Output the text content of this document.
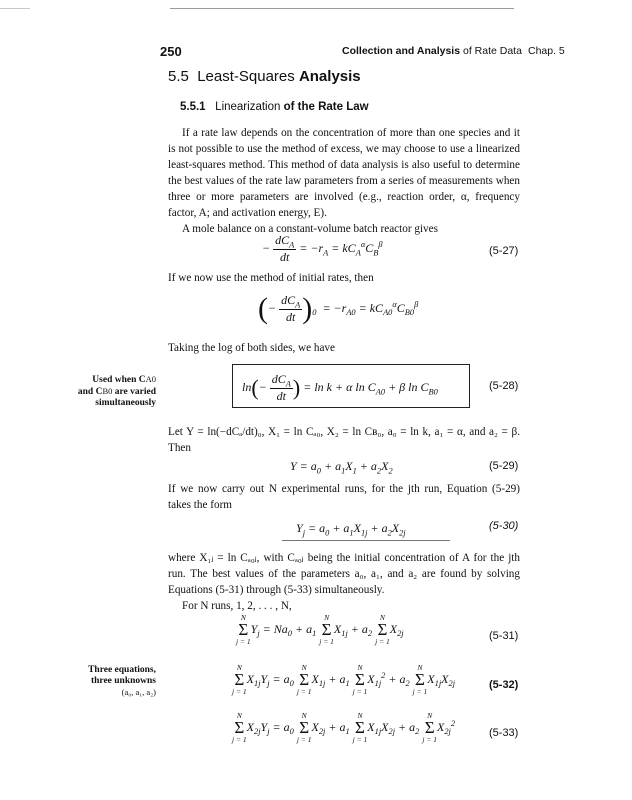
250	Collection and Analysis of Rate Data Chap. 5
5.5 Least-Squares Analysis
5.5.1 Linearization of the Rate Law

If a rate law depends on the concentration of more than one species and it is not possible to use the method of excess, we may choose to use a linearized least-squares method. This method of data analysis is also useful to determine the best values of the rate law parameters from a series of measurements when three or more parameters are involved (e.g., reaction order, α, frequency factor, A; and activation energy, E).

A mole balance on a constant-volume batch reactor gives

− $\frac{dC_A}{dt} = -r_A = kC_A^\alpha C_B^\beta$
(5-27)
If we now use the method of initial rates, then
(− $\frac{dC_A}{dt} )_0 = -r_{A0} = kC_{A0}^\alpha C_{B0}^\beta$
Taking the log of both sides, we have
Used when CA0
and CB0 are varied
simultaneously
$\ln(- \frac{dC_A}{dt}$ ) = ln k + α $\ln C_{A0} + \beta$ $\ln C_{B0}$	(5-28)
Let Y = ln(−dCₐ/dt)₀, X₁ = ln Cₐ₀, X₂ = ln Cʙ₀, a₀ = ln k, a₁ = α, and a₂ = β. Then
$Y = a_0 + a_1X_1 + a_2X_2$	(5-29)
If we now carry out N experimental runs, for the jth run, Equation (5-29) takes the form
$Y_j = a_0 + a_1X_{1j} + a_2X_{2j}$
(5-30)
where X₁ⱼ = ln Cₐ₀ⱼ, with Cₐ₀ⱼ being the initial concentration of A for the jth run. The best values of the parameters a₀, a₁, and a₂ are found by solving Equations (5-31) through (5-33) simultaneously.
For N runs, 1, 2, . . . , N,
N
Σ
j = 1
$Y_j = Na_0 + a_1$
N
Σ
j = 1
$X_{1j} + a_2$
N
Σ
j = 1
$X_{2j}$	(5-31)
Three equations,
three unknowns
(a₀, a₁, a₂)
N
Σ
j = 1
$X_{1j}Y_j = a_0$
N
Σ
j = 1
$X_{1j} + a_1$
N
Σ
j = 1
$X_{1j}^2 + a_2$
N
Σ
j = 1
$X_{1j}X_{2j}$	(5-32)
N
Σ
j = 1
$X_{2j}Y_j = a_0$
N
Σ
j = 1
$X_{2j} + a_1$
N
Σ
j = 1
$X_{1j}X_{2j} + a_2$
N
Σ
j = 1
$X_{2j}^2$
(5-33)
